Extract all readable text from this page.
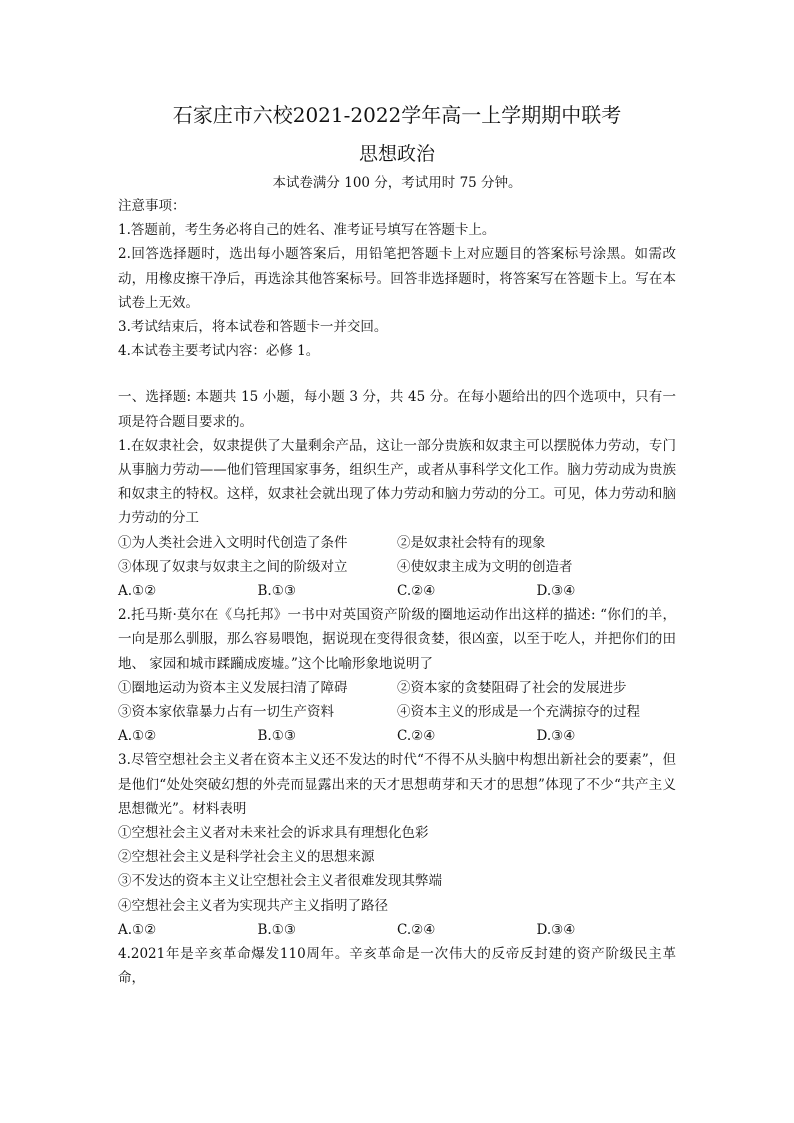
石家庄市六校2021-2022学年高一上学期期中联考
思想政治

本试卷满分 100 分，考试用时 75 分钟。

注意事项：

1.答题前，考生务必将自己的姓名、准考证号填写在答题卡上。

2.回答选择题时，选出每小题答案后，用铅笔把答题卡上对应题目的答案标号涂黑。如需改动，用橡皮擦干净后，再选涂其他答案标号。回答非选择题时，将答案写在答题卡上。写在本试卷上无效。

3.考试结束后，将本试卷和答题卡一并交回。

4.本试卷主要考试内容：必修 1。

一、选择题: 本题共 15 小题，每小题 3 分，共 45 分。在每小题给出的四个选项中，只有一项是符合题目要求的。

1.在奴隶社会，奴隶提供了大量剩余产品，这让一部分贵族和奴隶主可以摆脱体力劳动，专门从事脑力劳动——他们管理国家事务，组织生产，或者从事科学文化工作。脑力劳动成为贵族和奴隶主的特权。这样，奴隶社会就出现了体力劳动和脑力劳动的分工。可见，体力劳动和脑力劳动的分工

①为人类社会进入文明时代创造了条件	②是奴隶社会特有的现象
③体现了奴隶与奴隶主之间的阶级对立	④使奴隶主成为文明的创造者
A.①②	B.①③	C.②④	D.③④

2.托马斯·莫尔在《乌托邦》一书中对英国资产阶级的圈地运动作出这样的描述: “你们的羊，一向是那么驯服，那么容易喂饱，据说现在变得很贪婪，很凶蛮，以至于吃人，并把你们的田地、 家园和城市蹂躏成废墟。”这个比喻形象地说明了

①圈地运动为资本主义发展扫清了障碍	②资本家的贪婪阻碍了社会的发展进步
③资本家依靠暴力占有一切生产资料	④资本主义的形成是一个充满掠夺的过程
A.①②	B.①③	C.②④	D.③④

3.尽管空想社会主义者在资本主义还不发达的时代“不得不从头脑中构想出新社会的要素”，但是他们“处处突破幻想的外壳而显露出来的天才思想萌芽和天才的思想”体现了不少“共产主义思想微光”。材料表明

①空想社会主义者对未来社会的诉求具有理想化色彩

②空想社会主义是科学社会主义的思想来源

③不发达的资本主义让空想社会主义者很难发现其弊端

④空想社会主义者为实现共产主义指明了路径

A.①②	B.①③	C.②④	D.③④

4.2021年是辛亥革命爆发110周年。辛亥革命是一次伟大的反帝反封建的资产阶级民主革命，
